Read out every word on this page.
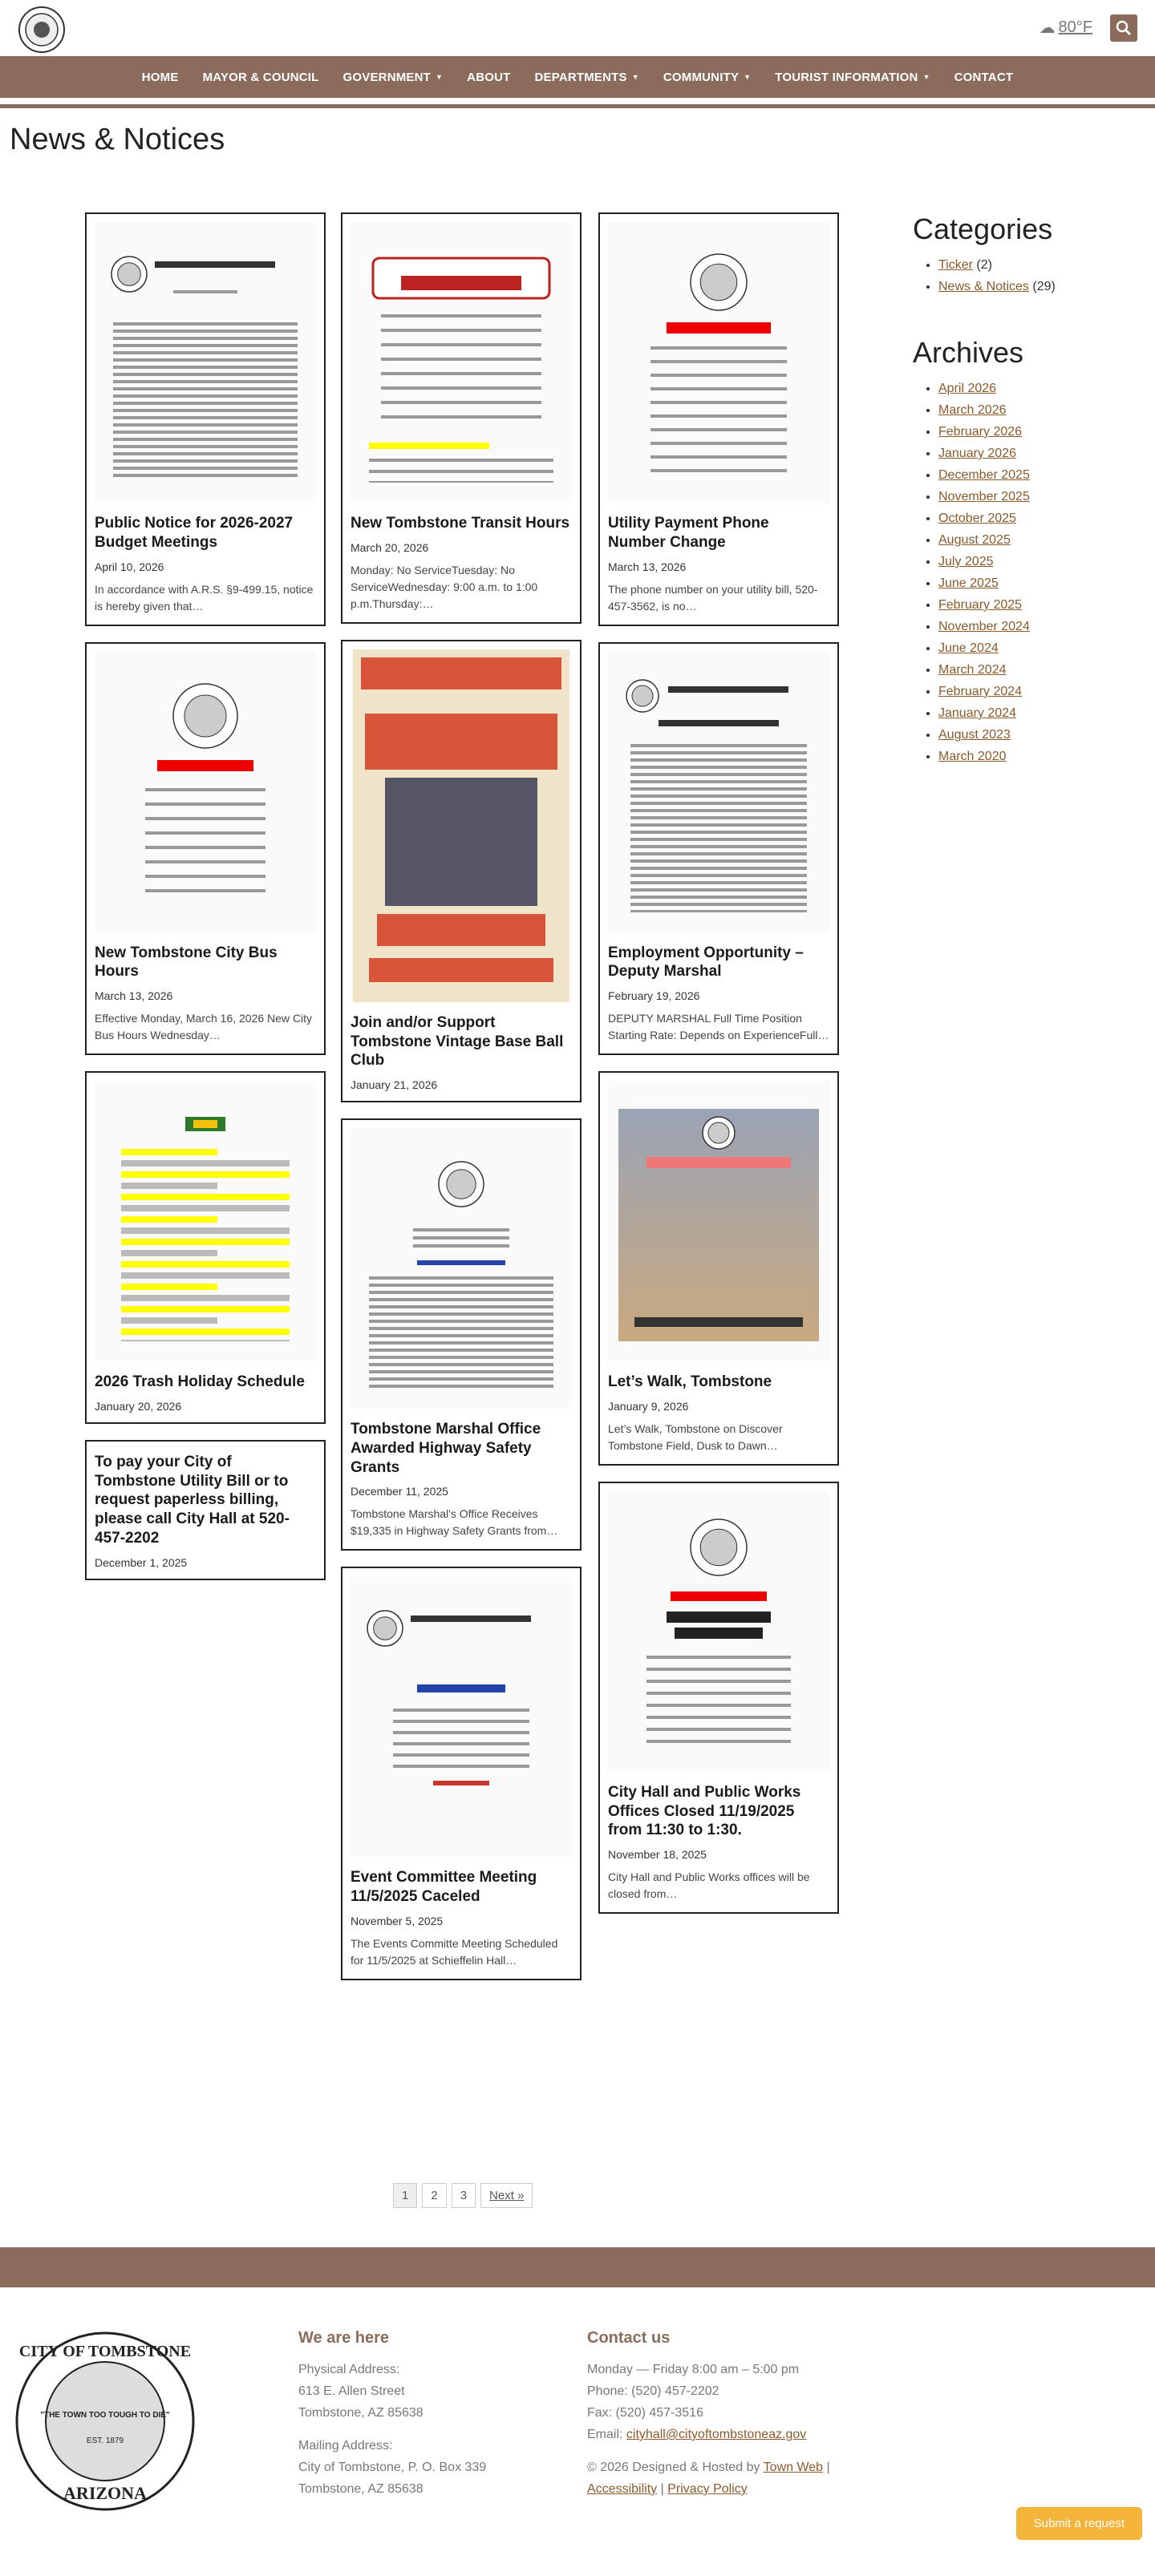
☁ 80°F
HOME MAYOR & COUNCIL GOVERNMENT ▼ ABOUT DEPARTMENTS ▼ COMMUNITY ▼ TOURIST INFORMATION ▼ CONTACT
News & Notices
Public Notice for 2026-2027 Budget Meetings
April 10, 2026
In accordance with A.R.S. §9-499.15, notice is hereby given that…
New Tombstone City Bus Hours
March 13, 2026
Effective Monday, March 16, 2026 New City Bus Hours Wednesday…
2026 Trash Holiday Schedule
January 20, 2026
To pay your City of Tombstone Utility Bill or to request paperless billing, please call City Hall at 520-457-2202
December 1, 2025
New Tombstone Transit Hours
March 20, 2026
Monday: No ServiceTuesday: No ServiceWednesday: 9:00 a.m. to 1:00 p.m.Thursday:…
Join and/or Support Tombstone Vintage Base Ball Club
January 21, 2026
Tombstone Marshal Office Awarded Highway Safety Grants
December 11, 2025
Tombstone Marshal's Office Receives $19,335 in Highway Safety Grants from…
Event Committee Meeting 11/5/2025 Caceled
November 5, 2025
The Events Committe Meeting Scheduled for 11/5/2025 at Schieffelin Hall…
Utility Payment Phone Number Change
March 13, 2026
The phone number on your utility bill, 520-457-3562, is no…
Employment Opportunity – Deputy Marshal
February 19, 2026
DEPUTY MARSHAL Full Time Position Starting Rate: Depends on ExperienceFull…
Let’s Walk, Tombstone
January 9, 2026
Let’s Walk, Tombstone on Discover Tombstone Field, Dusk to Dawn…
City Hall and Public Works Offices Closed 11/19/2025 from 11:30 to 1:30.
November 18, 2025
City Hall and Public Works offices will be closed from…
Categories
• Ticker (2)
• News & Notices (29)
Archives
• April 2026
• March 2026
• February 2026
• January 2026
• December 2025
• November 2025
• October 2025
• August 2025
• July 2025
• June 2025
• February 2025
• November 2024
• June 2024
• March 2024
• February 2024
• January 2024
• August 2023
• March 2020
1	2	3	Next »
CITY OF TOMBSTONE
"THE TOWN TOO TOUGH TO DIE"
EST. 1879
ARIZONA
We are here
Physical Address:
613 E. Allen Street
Tombstone, AZ 85638
Mailing Address:
City of Tombstone, P. O. Box 339
Tombstone, AZ 85638
Contact us
Monday — Friday 8:00 am – 5:00 pm
Phone: (520) 457-2202
Fax: (520) 457-3516
Email: cityhall@cityoftombstoneaz.gov
© 2026 Designed & Hosted by Town Web |
Accessibility | Privacy Policy
Submit a request
